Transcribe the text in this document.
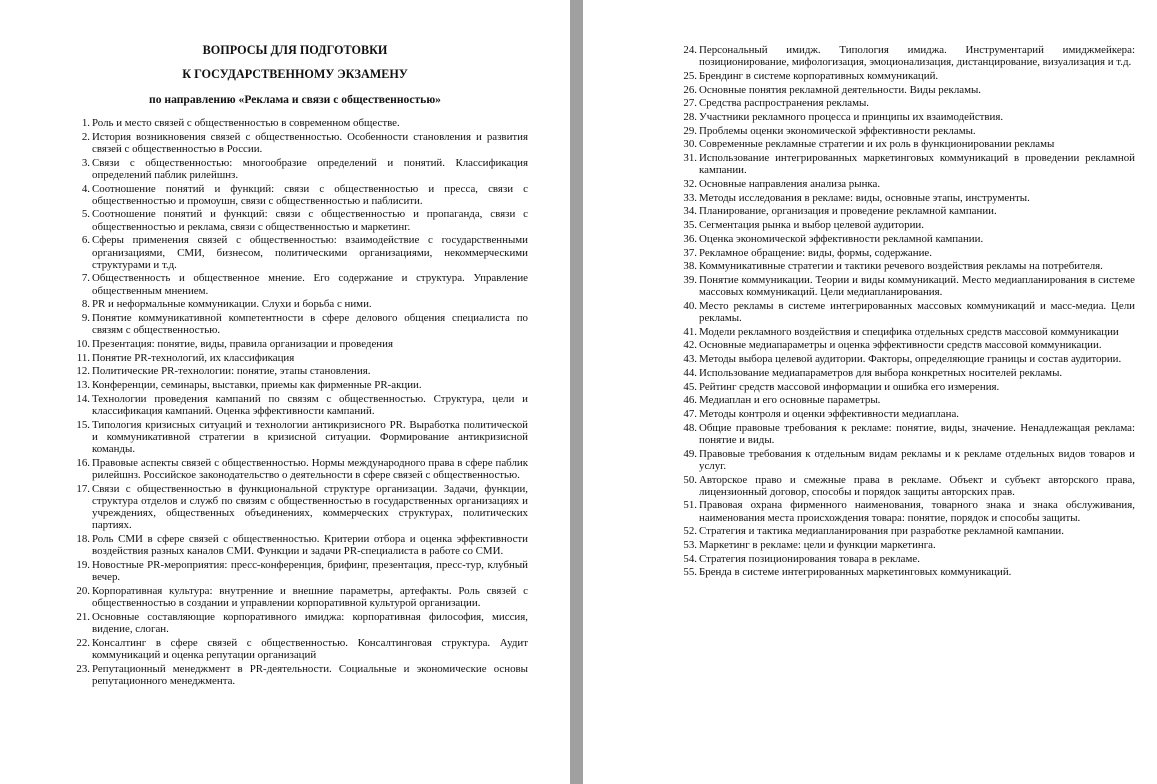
ВОПРОСЫ ДЛЯ ПОДГОТОВКИ
К ГОСУДАРСТВЕННОМУ ЭКЗАМЕНУ
по направлению «Реклама и связи с общественностью»
1. Роль и место связей с общественностью в современном обществе.
2. История возникновения связей с общественностью. Особенности становления и развития связей с общественностью в России.
3. Связи с общественностью: многообразие определений и понятий. Классификация определений паблик рилейшнз.
4. Соотношение понятий и функций: связи с общественностью и пресса, связи с общественностью и промоушн, связи с общественностью и паблисити.
5. Соотношение понятий и функций: связи с общественностью и пропаганда, связи с общественностью и реклама, связи с общественностью и маркетинг.
6. Сферы применения связей с общественностью: взаимодействие с государственными организациями, СМИ, бизнесом, политическими организациями, некоммерческими структурами и т.д.
7. Общественность и общественное мнение. Его содержание и структура. Управление общественным мнением.
8. PR и неформальные коммуникации. Слухи и борьба с ними.
9. Понятие коммуникативной компетентности в сфере делового общения специалиста по связям с общественностью.
10. Презентация: понятие, виды, правила организации и проведения
11. Понятие PR-технологий, их классификация
12. Политические PR-технологии: понятие, этапы становления.
13. Конференции, семинары, выставки, приемы как фирменные PR-акции.
14. Технологии проведения кампаний по связям с общественностью. Структура, цели и классификация кампаний. Оценка эффективности кампаний.
15. Типология кризисных ситуаций и технологии антикризисного PR. Выработка политической и коммуникативной стратегии в кризисной ситуации. Формирование антикризисной команды.
16. Правовые аспекты связей с общественностью. Нормы международного права в сфере паблик рилейшнз. Российское законодательство о деятельности в сфере связей с общественностью.
17. Связи с общественностью в функциональной структуре организации. Задачи, функции, структура отделов и служб по связям с общественностью в государственных организациях и учреждениях, общественных объединениях, коммерческих структурах, политических партиях.
18. Роль СМИ в сфере связей с общественностью. Критерии отбора и оценка эффективности воздействия разных каналов СМИ. Функции и задачи PR-специалиста в работе со СМИ.
19. Новостные PR-мероприятия: пресс-конференция, брифинг, презентация, пресс-тур, клубный вечер.
20. Корпоративная культура: внутренние и внешние параметры, артефакты. Роль связей с общественностью в создании и управлении корпоративной культурой организации.
21. Основные составляющие корпоративного имиджа: корпоративная философия, миссия, видение, слоган.
22. Консалтинг в сфере связей с общественностью. Консалтинговая структура. Аудит коммуникаций и оценка репутации организаций
23. Репутационный менеджмент в PR-деятельности. Социальные и экономические основы репутационного менеджмента.
24. Персональный имидж. Типология имиджа. Инструментарий имиджмейкера: позиционирование, мифологизация, эмоционализация, дистанцирование, визуализация и т.д.
25. Брендинг в системе корпоративных коммуникаций.
26. Основные понятия рекламной деятельности. Виды рекламы.
27. Средства распространения рекламы.
28. Участники рекламного процесса и принципы их взаимодействия.
29. Проблемы оценки экономической эффективности рекламы.
30. Современные рекламные стратегии и их роль в функционировании рекламы
31. Использование интегрированных маркетинговых коммуникаций в проведении рекламной кампании.
32. Основные направления анализа рынка.
33. Методы исследования в рекламе: виды, основные этапы, инструменты.
34. Планирование, организация и проведение рекламной кампании.
35. Сегментация рынка и выбор целевой аудитории.
36. Оценка экономической эффективности рекламной кампании.
37. Рекламное обращение: виды, формы, содержание.
38. Коммуникативные стратегии и тактики речевого воздействия рекламы на потребителя.
39. Понятие коммуникации. Теории и виды коммуникаций. Место медиапланирования в системе массовых коммуникаций. Цели медиапланирования.
40. Место рекламы в системе интегрированных массовых коммуникаций и масс-медиа. Цели рекламы.
41. Модели рекламного воздействия и специфика отдельных средств массовой коммуникации
42. Основные медиапараметры и оценка эффективности средств массовой коммуникации.
43. Методы выбора целевой аудитории. Факторы, определяющие границы и состав аудитории.
44. Использование медиапараметров для выбора конкретных носителей рекламы.
45. Рейтинг средств массовой информации и ошибка его измерения.
46. Медиаплан и его основные параметры.
47. Методы контроля и оценки эффективности медиаплана.
48. Общие правовые требования к рекламе: понятие, виды, значение. Ненадлежащая реклама: понятие и виды.
49. Правовые требования к отдельным видам рекламы и к рекламе отдельных видов товаров и услуг.
50. Авторское право и смежные права в рекламе. Объект и субъект авторского права, лицензионный договор, способы и порядок защиты авторских прав.
51. Правовая охрана фирменного наименования, товарного знака и знака обслуживания, наименования места происхождения товара: понятие, порядок и способы защиты.
52. Стратегия и тактика медиапланирования при разработке рекламной кампании.
53. Маркетинг в рекламе: цели и функции маркетинга.
54. Стратегия позиционирования товара в рекламе.
55. Бренда в системе интегрированных маркетинговых коммуникаций.
